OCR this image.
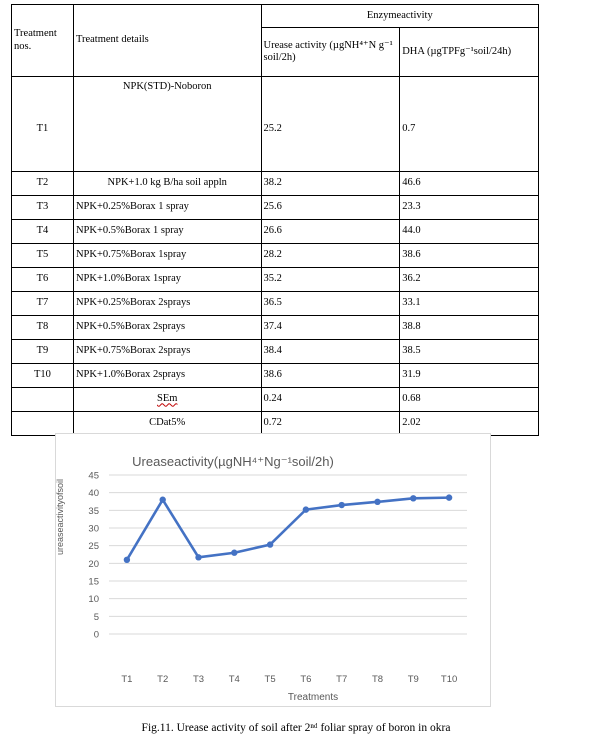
Treatment nos.	Treatment details	Enzymeactivity	
		Urease activity (µgNH⁴⁺N g⁻¹ soil/2h)	DHA (µgTPFg⁻¹soil/24h)
T1	NPK(STD)-Noboron	25.2	0.7
T2	NPK+1.0 kg B/ha soil appln	38.2	46.6
T3	NPK+0.25%Borax 1 spray	25.6	23.3
T4	NPK+0.5%Borax 1 spray	26.6	44.0
T5	NPK+0.75%Borax 1spray	28.2	38.6
T6	NPK+1.0%Borax 1spray	35.2	36.2
T7	NPK+0.25%Borax 2sprays	36.5	33.1
T8	NPK+0.5%Borax 2sprays	37.4	38.8
T9	NPK+0.75%Borax 2sprays	38.4	38.5
T10	NPK+1.0%Borax 2sprays	38.6	31.9
	SEm	0.24	0.68
	CDat5%	0.72	2.02
Ureaseactivity(µgNH⁴⁺Ng⁻¹soil/2h)
ureaseactivityofsoil
Treatments
0
5
10
15
20
25
30
35
40
45
T1	T2	T3	T4	T5	T6	T7	T8	T9 T10
Fig.11. Urease activity of soil after 2ⁿᵈ foliar spray of boron in okra
